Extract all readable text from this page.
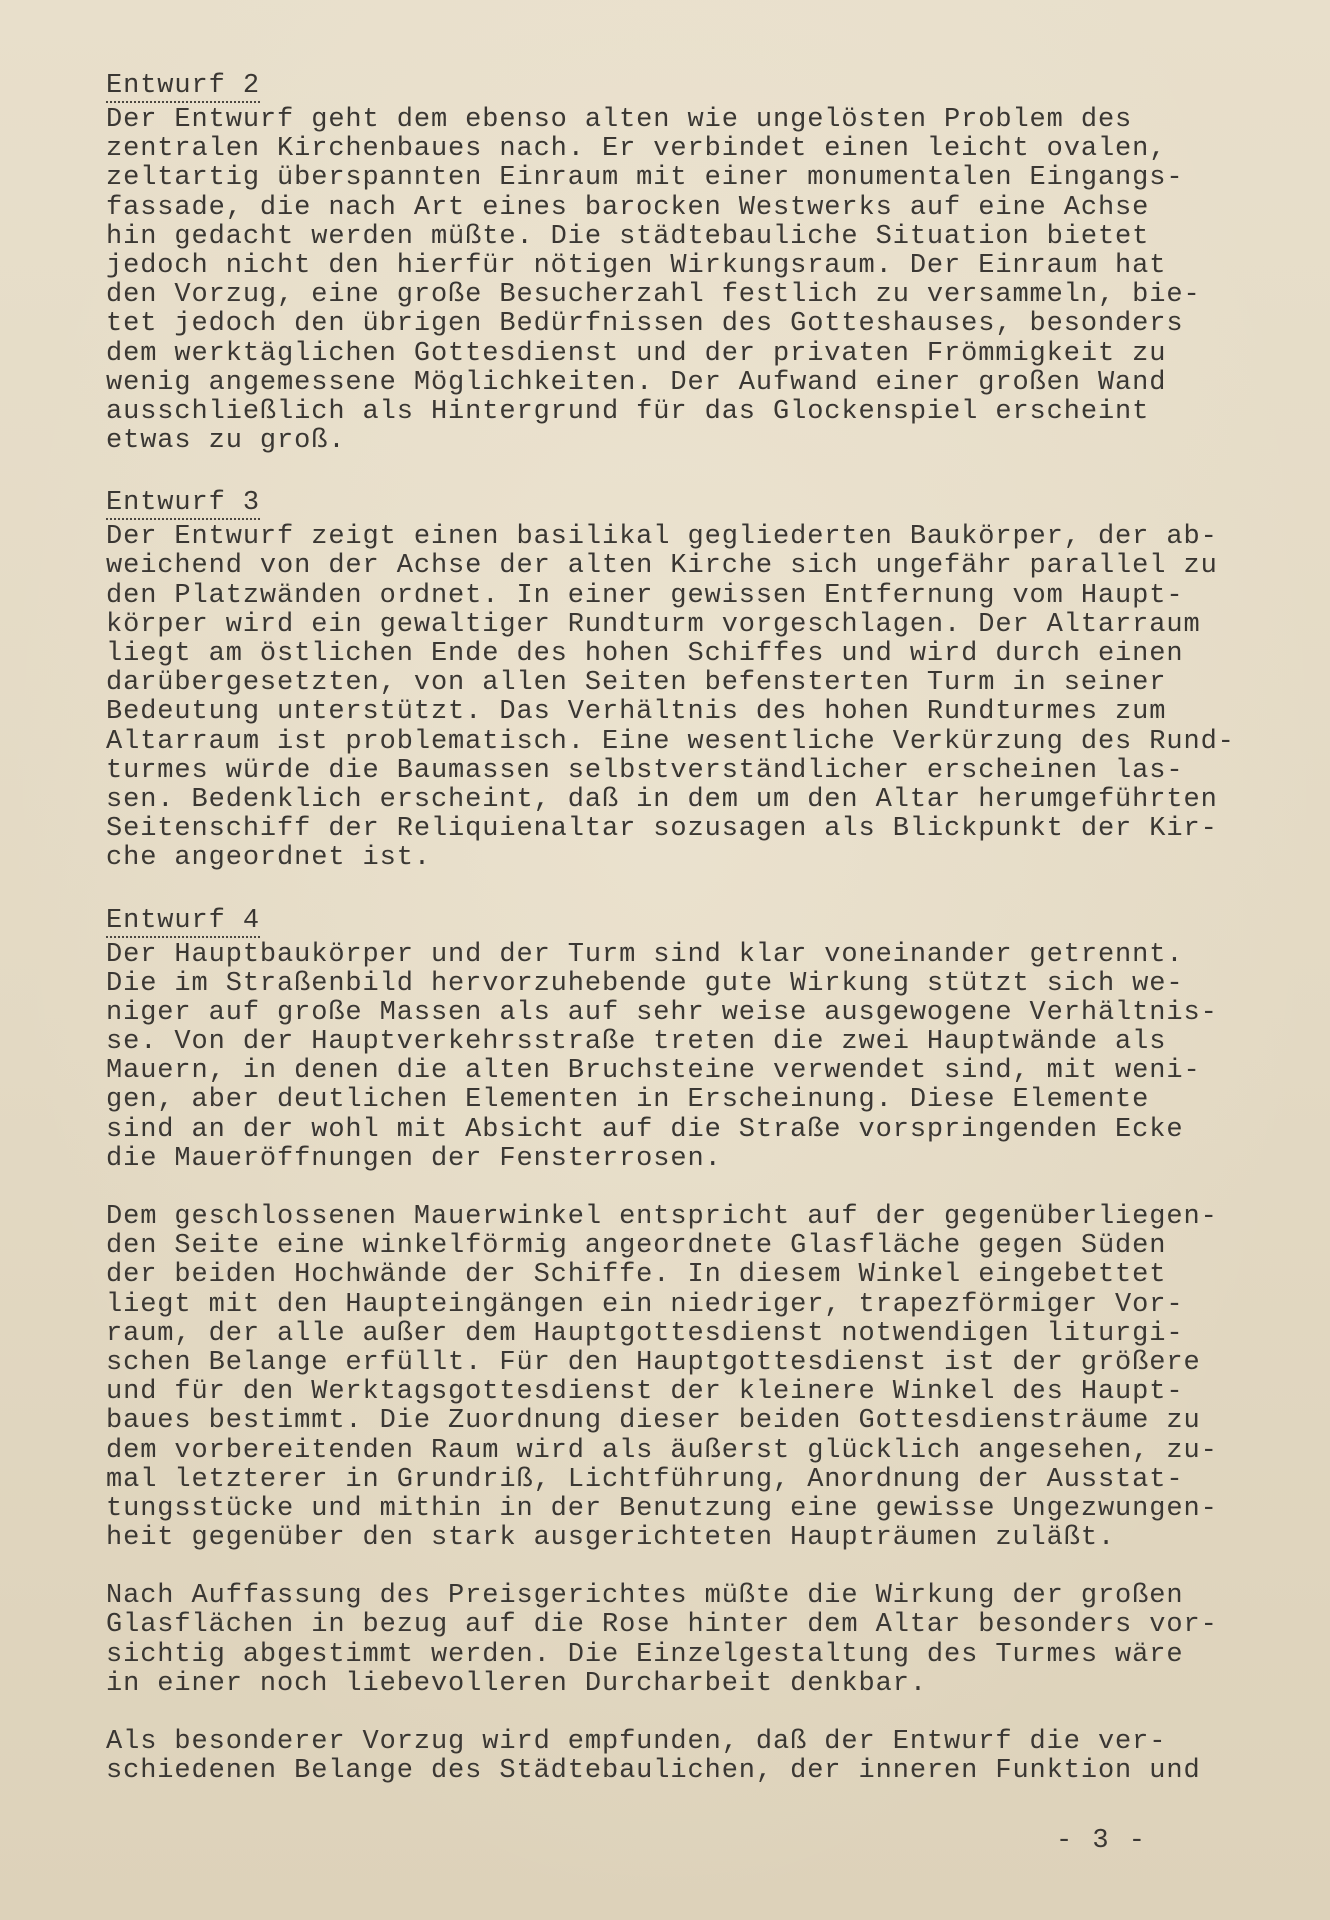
Entwurf 2
Der Entwurf geht dem ebenso alten wie ungelösten Problem des
zentralen Kirchenbaues nach. Er verbindet einen leicht ovalen,
zeltartig überspannten Einraum mit einer monumentalen Eingangs-
fassade, die nach Art eines barocken Westwerks auf eine Achse
hin gedacht werden müßte. Die städtebauliche Situation bietet
jedoch nicht den hierfür nötigen Wirkungsraum. Der Einraum hat
den Vorzug, eine große Besucherzahl festlich zu versammeln, bie-
tet jedoch den übrigen Bedürfnissen des Gotteshauses, besonders
dem werktäglichen Gottesdienst und der privaten Frömmigkeit zu
wenig angemessene Möglichkeiten. Der Aufwand einer großen Wand
ausschließlich als Hintergrund für das Glockenspiel erscheint
etwas zu groß.
Entwurf 3
Der Entwurf zeigt einen basilikal gegliederten Baukörper, der ab-
weichend von der Achse der alten Kirche sich ungefähr parallel zu
den Platzwänden ordnet. In einer gewissen Entfernung vom Haupt-
körper wird ein gewaltiger Rundturm vorgeschlagen. Der Altarraum
liegt am östlichen Ende des hohen Schiffes und wird durch einen
darübergesetzten, von allen Seiten befensterten Turm in seiner
Bedeutung unterstützt. Das Verhältnis des hohen Rundturmes zum
Altarraum ist problematisch. Eine wesentliche Verkürzung des Rund-
turmes würde die Baumassen selbstverständlicher erscheinen las-
sen. Bedenklich erscheint, daß in dem um den Altar herumgeführten
Seitenschiff der Reliquienaltar sozusagen als Blickpunkt der Kir-
che angeordnet ist.
Entwurf 4
Der Hauptbaukörper und der Turm sind klar voneinander getrennt.
Die im Straßenbild hervorzuhebende gute Wirkung stützt sich we-
niger auf große Massen als auf sehr weise ausgewogene Verhältnis-
se. Von der Hauptverkehrsstraße treten die zwei Hauptwände als
Mauern, in denen die alten Bruchsteine verwendet sind, mit weni-
gen, aber deutlichen Elementen in Erscheinung. Diese Elemente
sind an der wohl mit Absicht auf die Straße vorspringenden Ecke
die Maueröffnungen der Fensterrosen.
Dem geschlossenen Mauerwinkel entspricht auf der gegenüberliegen-
den Seite eine winkelförmig angeordnete Glasfläche gegen Süden
der beiden Hochwände der Schiffe. In diesem Winkel eingebettet
liegt mit den Haupteingängen ein niedriger, trapezförmiger Vor-
raum, der alle außer dem Hauptgottesdienst notwendigen liturgi-
schen Belange erfüllt. Für den Hauptgottesdienst ist der größere
und für den Werktagsgottesdienst der kleinere Winkel des Haupt-
baues bestimmt. Die Zuordnung dieser beiden Gottesdiensträume zu
dem vorbereitenden Raum wird als äußerst glücklich angesehen, zu-
mal letzterer in Grundriß, Lichtführung, Anordnung der Ausstat-
tungsstücke und mithin in der Benutzung eine gewisse Ungezwungen-
heit gegenüber den stark ausgerichteten Haupträumen zuläßt.
Nach Auffassung des Preisgerichtes müßte die Wirkung der großen
Glasflächen in bezug auf die Rose hinter dem Altar besonders vor-
sichtig abgestimmt werden. Die Einzelgestaltung des Turmes wäre
in einer noch liebevolleren Durcharbeit denkbar.
Als besonderer Vorzug wird empfunden, daß der Entwurf die ver-
schiedenen Belange des Städtebaulichen, der inneren Funktion und
- 3 -
